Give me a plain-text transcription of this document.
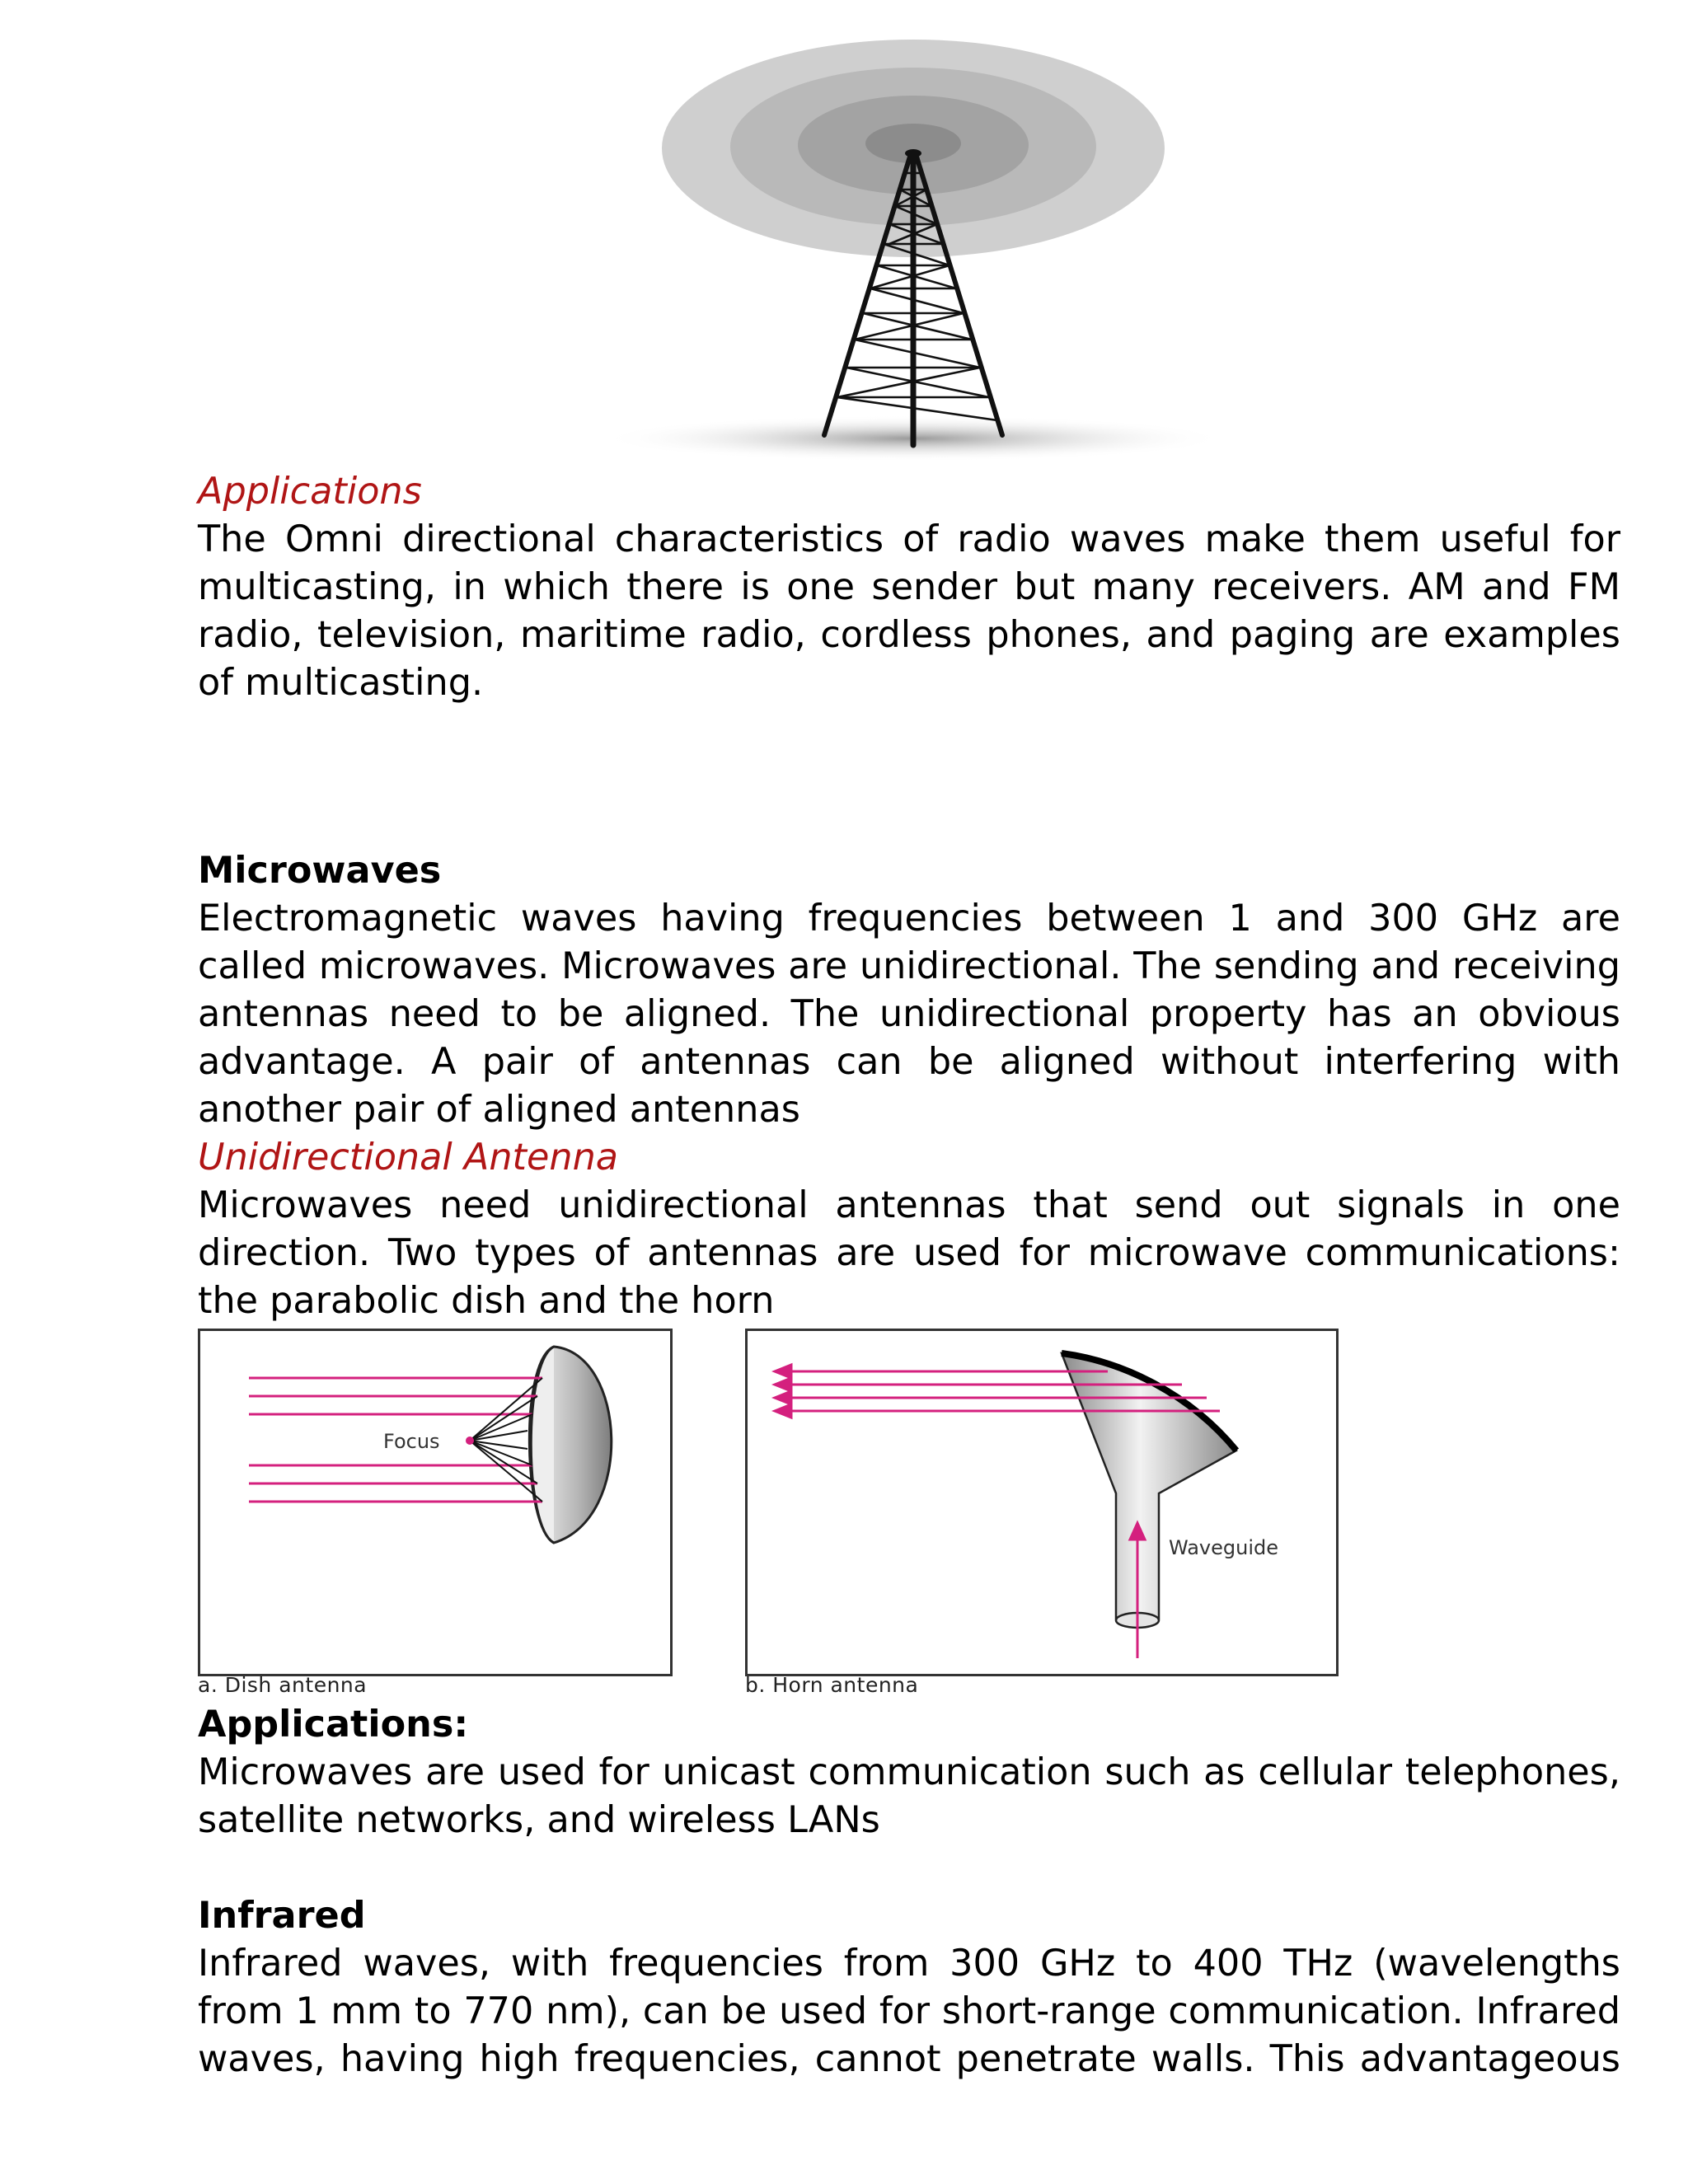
Applications

The Omni directional characteristics of radio waves make them useful for multicasting, in which there is one sender but many receivers. AM and FM radio, television, maritime radio, cordless phones, and paging are examples of multicasting.

Microwaves

Electromagnetic waves having frequencies between 1 and 300 GHz are called microwaves. Microwaves are unidirectional. The sending and receiving antennas need to be aligned. The unidirectional property has an obvious advantage. A pair of antennas can be aligned without interfering with another pair of aligned antennas

Unidirectional Antenna

Microwaves need unidirectional antennas that send out signals in one direction. Two types of antennas are used for microwave communications: the parabolic dish and the horn

Focus
a. Dish antenna
Waveguide
b. Horn antenna
Applications:

Microwaves are used for unicast communication such as cellular telephones, satellite networks, and wireless LANs

Infrared

Infrared waves, with frequencies from 300 GHz to 400 THz (wavelengths from 1 mm to 770 nm), can be used for short-range communication. Infrared waves, having high frequencies, cannot penetrate walls. This advantageous
